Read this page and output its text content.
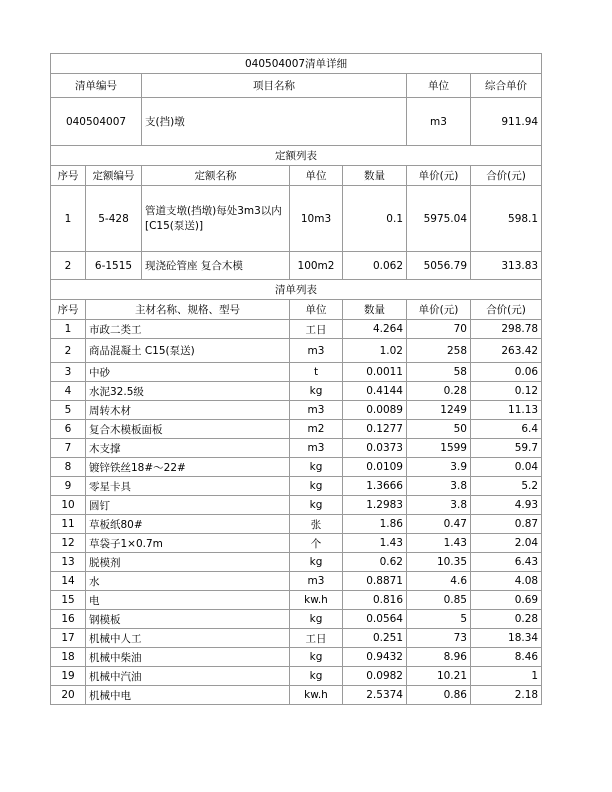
040504007清单详细						
清单编号		项目名称			单位	综合单价
040504007		支(挡)墩			m3	911.94
定额列表						
序号	定额编号	定额名称	单位	数量	单价(元)	合价(元)
1	5-428	管道支墩(挡墩)每处3m3以内[C15(泵送)]	10m3	0.1	5975.04	598.1
2	6-1515	现浇砼管座 复合木模	100m2	0.062	5056.79	313.83
清单列表						
序号	主材名称、规格、型号		单位	数量	单价(元)	合价(元)
1	市政二类工		工日	4.264	70	298.78
2	商品混凝土 C15(泵送)		m3	1.02	258	263.42
3	中砂		t	0.0011	58	0.06
4	水泥32.5级		kg	0.4144	0.28	0.12
5	周转木材		m3	0.0089	1249	11.13
6	复合木模板面板		m2	0.1277	50	6.4
7	木支撑		m3	0.0373	1599	59.7
8	镀锌铁丝18#～22#		kg	0.0109	3.9	0.04
9	零星卡具		kg	1.3666	3.8	5.2
10	圆钉		kg	1.2983	3.8	4.93
11	草板纸80#		张	1.86	0.47	0.87
12	草袋子1×0.7m		个	1.43	1.43	2.04
13	脱模剂		kg	0.62	10.35	6.43
14	水		m3	0.8871	4.6	4.08
15	电		kw.h	0.816	0.85	0.69
16	钢模板		kg	0.0564	5	0.28
17	机械中人工		工日	0.251	73	18.34
18	机械中柴油		kg	0.9432	8.96	8.46
19	机械中汽油		kg	0.0982	10.21	1
20	机械中电		kw.h	2.5374	0.86	2.18
